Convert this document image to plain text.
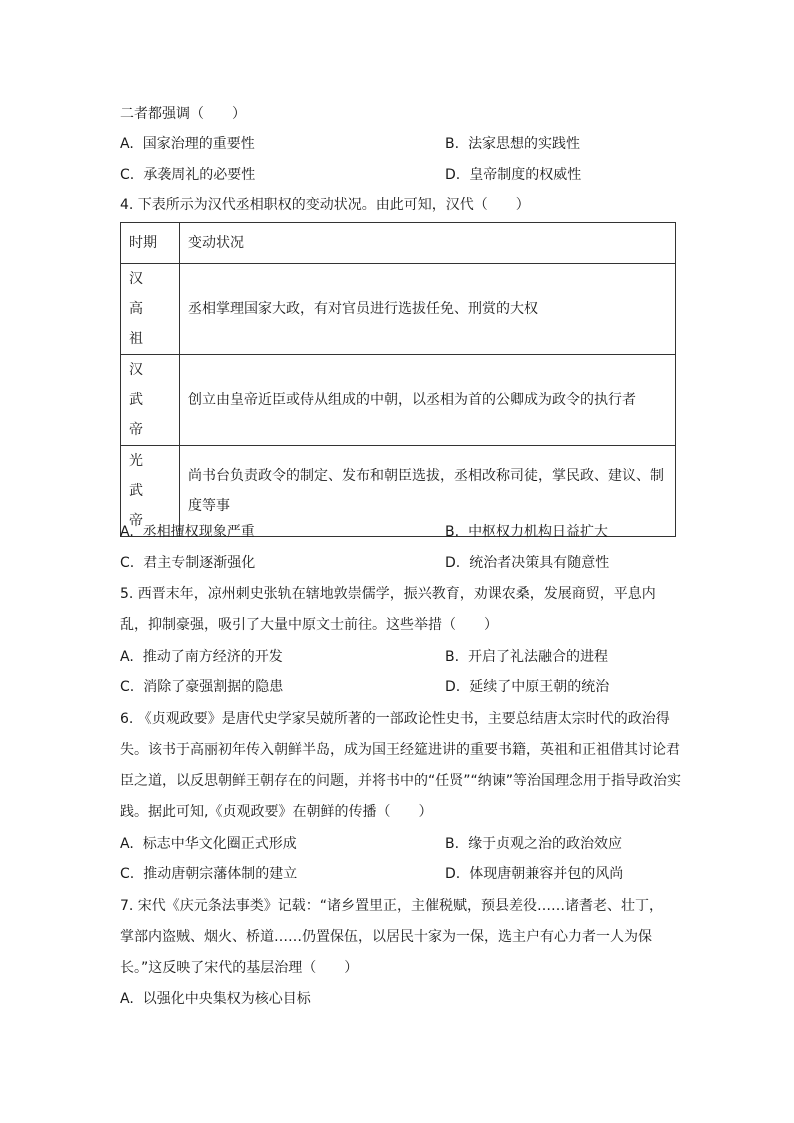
二者都强调（　　）
A. 国家治理的重要性	B. 法家思想的实践性
C. 承袭周礼的必要性	D. 皇帝制度的权威性
4. 下表所示为汉代丞相职权的变动状况。由此可知，汉代（　　）
时期	变动状况
汉高祖	丞相掌理国家大政，有对官员进行选拔任免、刑赏的大权
汉武帝	创立由皇帝近臣或侍从组成的中朝，以丞相为首的公卿成为政令的执行者
光武帝	尚书台负责政令的制定、发布和朝臣选拔，丞相改称司徒，掌民政、建议、制度等事
A. 丞相擅权现象严重	B. 中枢权力机构日益扩大
C. 君主专制逐渐强化	D. 统治者决策具有随意性
5. 西晋末年，凉州刺史张轨在辖地敦崇儒学，振兴教育，劝课农桑，发展商贸，平息内
乱，抑制豪强，吸引了大量中原文士前往。这些举措（　　）
A. 推动了南方经济的开发	B. 开启了礼法融合的进程
C. 消除了豪强割据的隐患	D. 延续了中原王朝的统治
6. 《贞观政要》是唐代史学家吴兢所著的一部政论性史书，主要总结唐太宗时代的政治得
失。该书于高丽初年传入朝鲜半岛，成为国王经筵进讲的重要书籍，英祖和正祖借其讨论君
臣之道，以反思朝鲜王朝存在的问题，并将书中的“任贤”“纳谏”等治国理念用于指导政治实
践。据此可知,《贞观政要》在朝鲜的传播（　　）
A. 标志中华文化圈正式形成	B. 缘于贞观之治的政治效应
C. 推动唐朝宗藩体制的建立	D. 体现唐朝兼容并包的风尚
7. 宋代《庆元条法事类》记载：“诸乡置里正，主催税赋，预县差役……诸耆老、壮丁，
掌部内盗贼、烟火、桥道……仍置保伍，以居民十家为一保，选主户有心力者一人为保
长。”这反映了宋代的基层治理（　　）
A. 以强化中央集权为核心目标
